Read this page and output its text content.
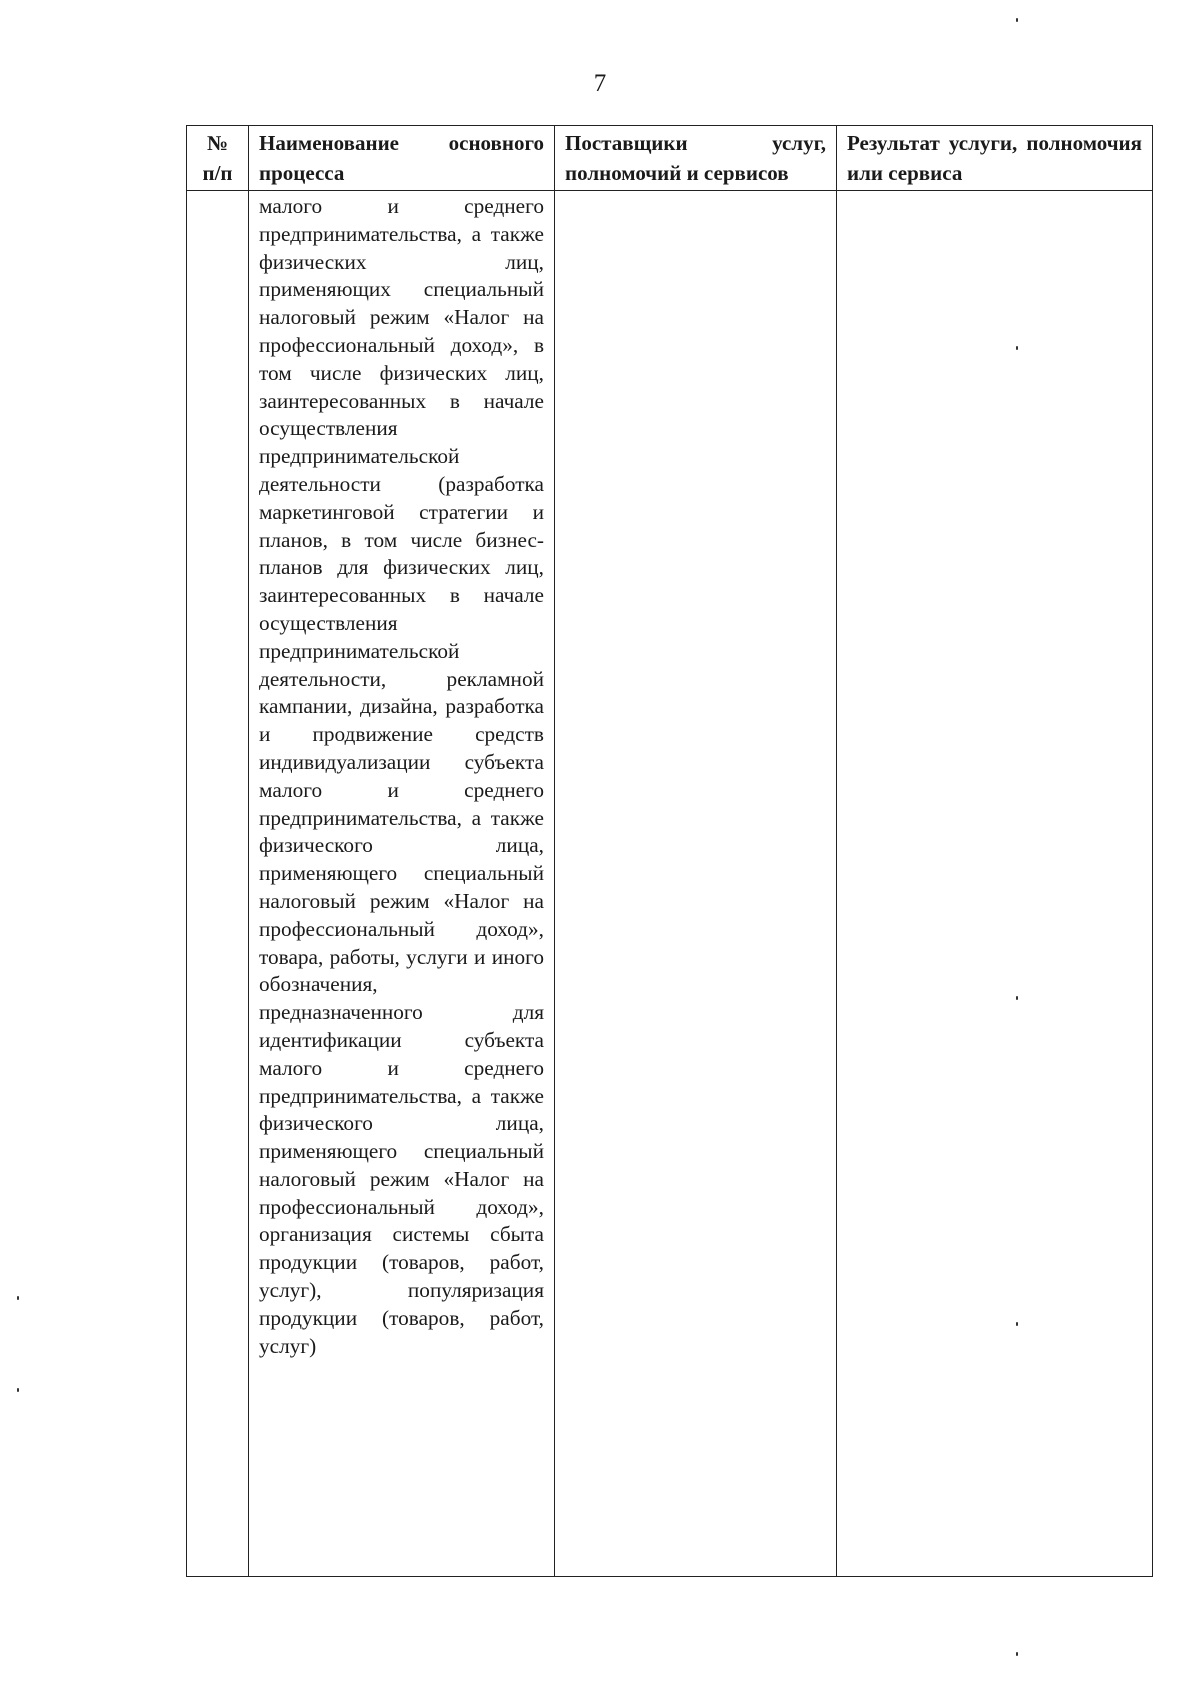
7
№ п/п	Наименование основного процесса	Поставщики услуг, полномочий и сервисов	Результат услуги, полномочия или сервиса

	малого и среднего предпринимательства, а также физических лиц, применяющих специальный налоговый режим «Налог на профессиональный доход», в том числе физических лиц, заинтересованных в начале осуществления предпринимательской деятельности (разработка маркетинговой стратегии и планов, в том числе бизнес-планов для физических лиц, заинтересованных в начале осуществления предпринимательской деятельности, рекламной кампании, дизайна, разработка и продвижение средств индивидуализации субъекта малого и среднего предпринимательства, а также физического лица, применяющего специальный налоговый режим «Налог на профессиональный доход», товара, работы, услуги и иного обозначения, предназначенного для идентификации субъекта малого и среднего предпринимательства, а также физического лица, применяющего специальный налоговый режим «Налог на профессиональный доход», организация системы сбыта продукции (товаров, работ, услуг), популяризация продукции (товаров, работ, услуг)		
